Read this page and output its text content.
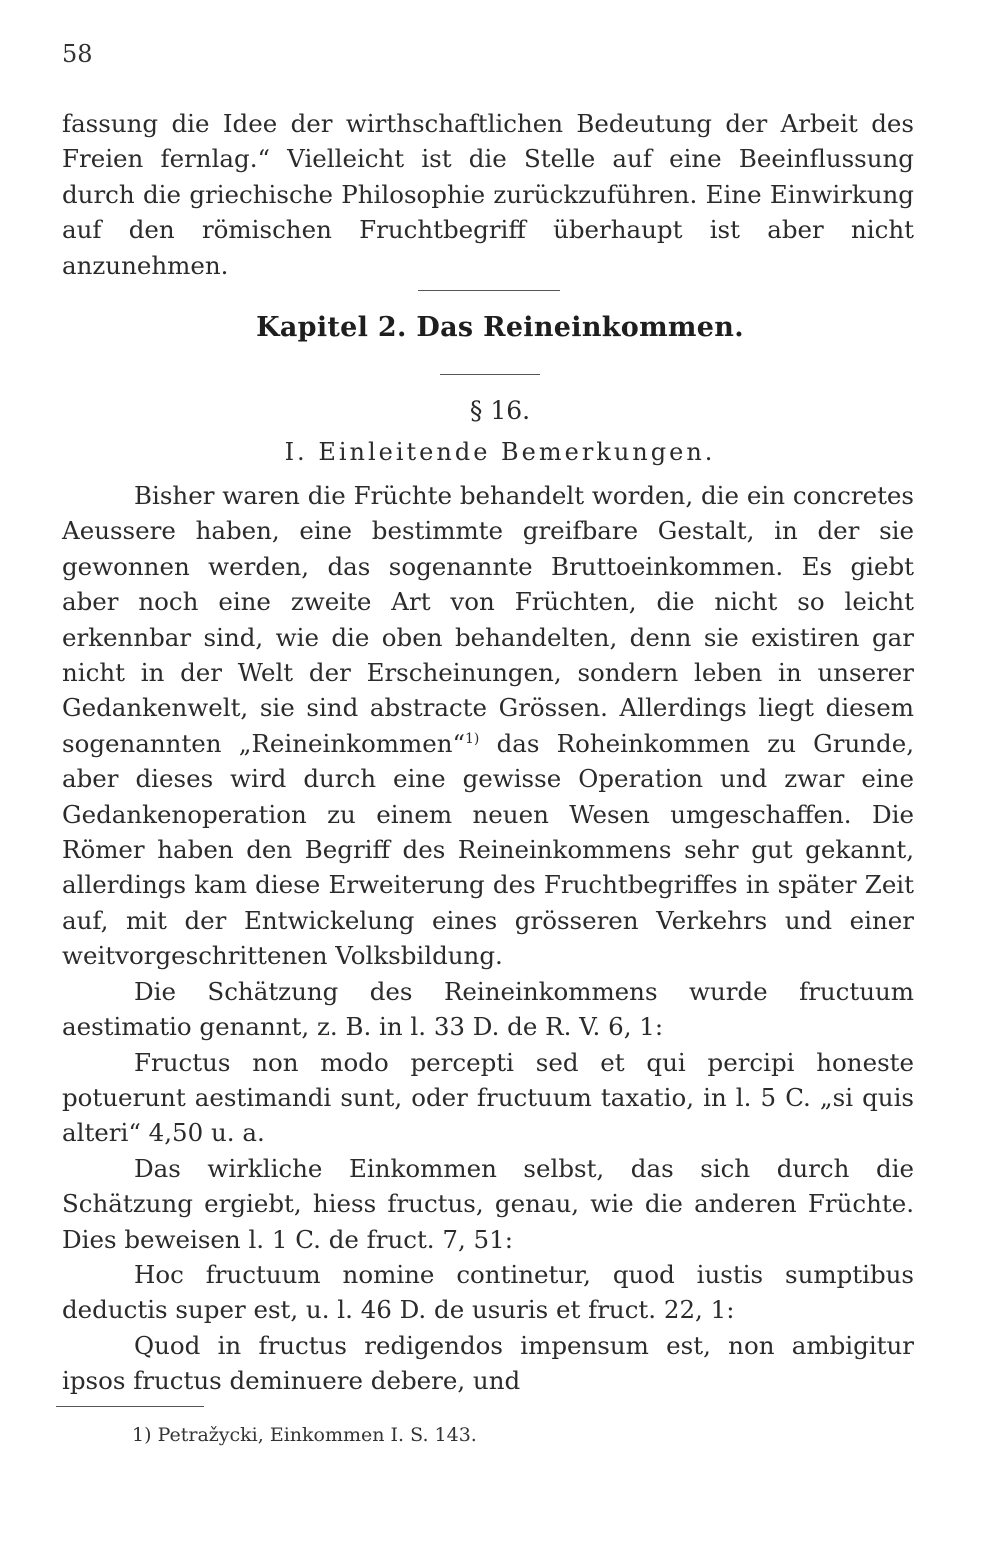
58

fassung die Idee der wirthschaftlichen Bedeutung der Arbeit des Freien fernlag.“ Vielleicht ist die Stelle auf eine Beeinflussung durch die griechische Philosophie zurückzuführen. Eine Einwirkung auf den römischen Fruchtbegriff überhaupt ist aber nicht anzunehmen.

Kapitel 2. Das Reineinkommen.
§ 16.
I. Einleitende Bemerkungen.

Bisher waren die Früchte behandelt worden, die ein concretes Aeussere haben, eine bestimmte greifbare Gestalt, in der sie gewonnen werden, das sogenannte Bruttoeinkommen. Es giebt aber noch eine zweite Art von Früchten, die nicht so leicht erkennbar sind, wie die oben behandelten, denn sie existiren gar nicht in der Welt der Erscheinungen, sondern leben in unserer Gedankenwelt, sie sind abstracte Grössen. Allerdings liegt diesem sogenannten „Reineinkommen“$^{1)}$ das Roheinkommen zu Grunde, aber dieses wird durch eine gewisse Operation und zwar eine Gedankenoperation zu einem neuen Wesen umgeschaffen. Die Römer haben den Begriff des Reineinkommens sehr gut gekannt, allerdings kam diese Erweiterung des Fruchtbegriffes in später Zeit auf, mit der Entwickelung eines grösseren Verkehrs und einer weitvorgeschrittenen Volksbildung.

Die Schätzung des Reineinkommens wurde fructuum aestimatio genannt, z. B. in l. 33 D. de R. V. 6, 1:

Fructus non modo percepti sed et qui percipi honeste potuerunt aestimandi sunt, oder fructuum taxatio, in l. 5 C. „si quis alteri“ 4,50 u. a.

Das wirkliche Einkommen selbst, das sich durch die Schätzung ergiebt, hiess fructus, genau, wie die anderen Früchte. Dies beweisen l. 1 C. de fruct. 7, 51:

Hoc fructuum nomine continetur, quod iustis sumptibus deductis super est, u. l. 46 D. de usuris et fruct. 22, 1:

Quod in fructus redigendos impensum est, non ambigitur ipsos fructus deminuere debere, und

1) Petražycki, Einkommen I. S. 143.
